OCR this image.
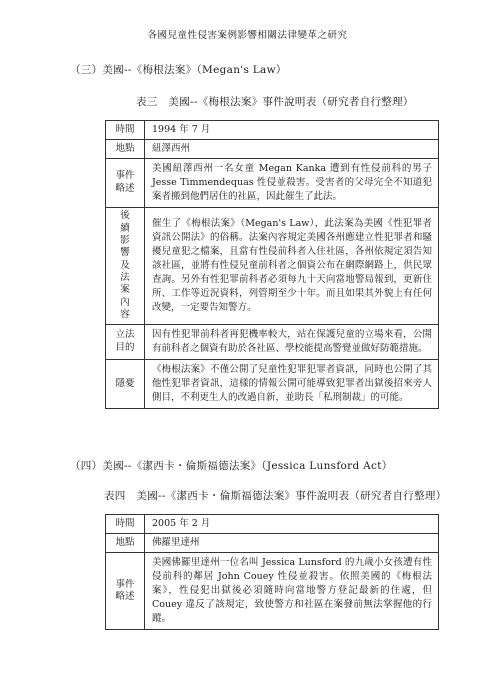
各國兒童性侵害案例影響相關法律變革之研究
（三）美國--《梅根法案》（Megan's Law）
表三　美國--《梅根法案》事件說明表（研究者自行整理）
時間	1994 年 7 月
地點	紐澤西州
事件略述	美國紐澤西州一名女童 Megan Kanka 遭到有性侵前科的男子 Jesse Timmendequas 性侵並殺害。受害者的父母完全不知道犯案者搬到他們居住的社區，因此催生了此法。
後續影響及法案內容	催生了《梅根法案》（Megan's Law），此法案為美國《性犯罪者資訊公開法》的俗稱。法案內容規定美國各州應建立性犯罪者和騷擾兒童犯之檔案，且當有性侵前科者入住社區，各州依規定須告知該社區，並將有性侵兒童前科者之個資公布在網際網路上，供民眾查詢。另外有性犯罪前科者必須每九十天向當地警局報到，更新住所、工作等近況資料，列管期至少十年。而且如果其外貌上有任何改變，一定要告知警方。
立法目的	因有性犯罪前科者再犯機率較大，站在保護兒童的立場來看，公開有前科者之個資有助於各社區、學校能提高警覺並做好防範措施。
隱憂	《梅根法案》不僅公開了兒童性犯罪犯罪者資訊，同時也公開了其他性犯罪者資訊，這樣的情報公開可能導致犯罪者出獄後招來旁人側目，不利更生人的改過自新，並助長「私刑制裁」的可能。
（四）美國--《潔西卡・倫斯福德法案》（Jessica Lunsford Act）
表四　美國--《潔西卡・倫斯福德法案》事件說明表（研究者自行整理）
時間	2005 年 2 月
地點	佛羅里達州
事件略述	美國佛羅里達州一位名叫 Jessica Lunsford 的九歲小女孩遭有性侵前科的鄰居 John Couey 性侵並殺害。依照美國的《梅根法案》，性侵犯出獄後必須隨時向當地警方登記最新的住處，但 Couey 違反了該規定，致使警方和社區在案發前無法掌握他的行蹤。
